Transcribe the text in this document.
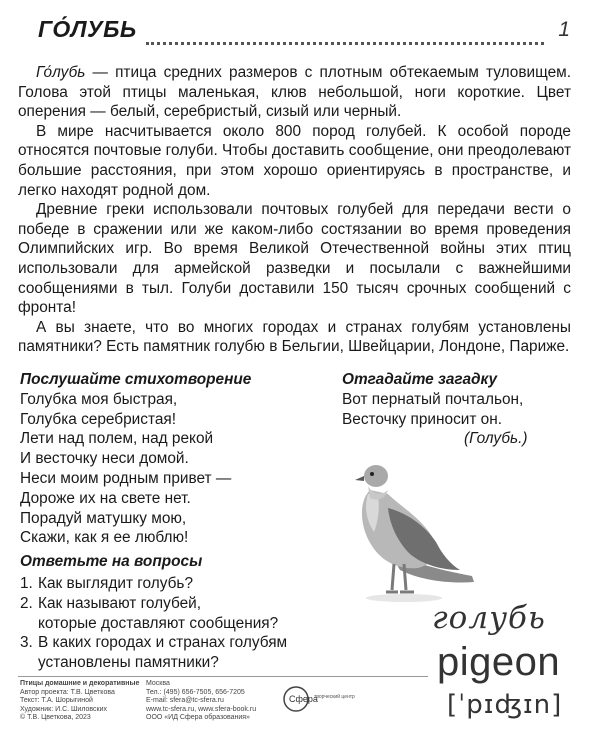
ГО́ЛУБЬ	1

Го́лубь — птица средних размеров с плотным обтекаемым туловищем. Голова этой птицы маленькая, клюв небольшой, ноги короткие. Цвет оперения — белый, серебристый, сизый или черный.

В мире насчитывается около 800 пород голубей. К особой породе относятся почтовые голуби. Чтобы доставить сообщение, они преодолевают большие расстояния, при этом хорошо ориентируясь в пространстве, и легко находят родной дом.

Древние греки использовали почтовых голубей для передачи вести о победе в сражении или же каком-либо состязании во время проведения Олимпийских игр. Во время Великой Отечественной войны этих птиц использовали для армейской разведки и посылали с важнейшими сообщениями в тыл. Голуби доставили 150 тысяч срочных сообщений с фронта!

А вы знаете, что во многих городах и странах голубям установлены памятники? Есть памятник голубю в Бельгии, Швейцарии, Лондоне, Париже.

Послушайте стихотворение
Голубка моя быстрая,
Голубка серебристая!
Лети над полем, над рекой
И весточку неси домой.
Неси моим родным привет —
Дороже их на свете нет.
Порадуй матушку мою,
Скажи, как я ее люблю!
Ответьте на вопросы
1. Как выглядит голубь?
2. Как называют голубей,
которые доставляют сообщения?
3. В каких городах и странах голубям
установлены памятники?
Отгадайте загадку
Вот пернатый почтальон,
Весточку приносит он.
(Голубь.)
голубь
pigeon
[ˈpɪʤɪn]
Птицы домашние и декоративные
Автор проекта: Т.В. Цветкова
Текст: Т.А. Шорыгиной
Художник: И.С. Шиловских
© Т.В. Цветкова, 2023
Москва
Тел.: (495) 656-7505, 656-7205
E-mail: sfera@tc-sfera.ru
www.tc-sfera.ru, www.sfera-book.ru
ООО «ИД Сфера образования»
Сфера
творческий центр
